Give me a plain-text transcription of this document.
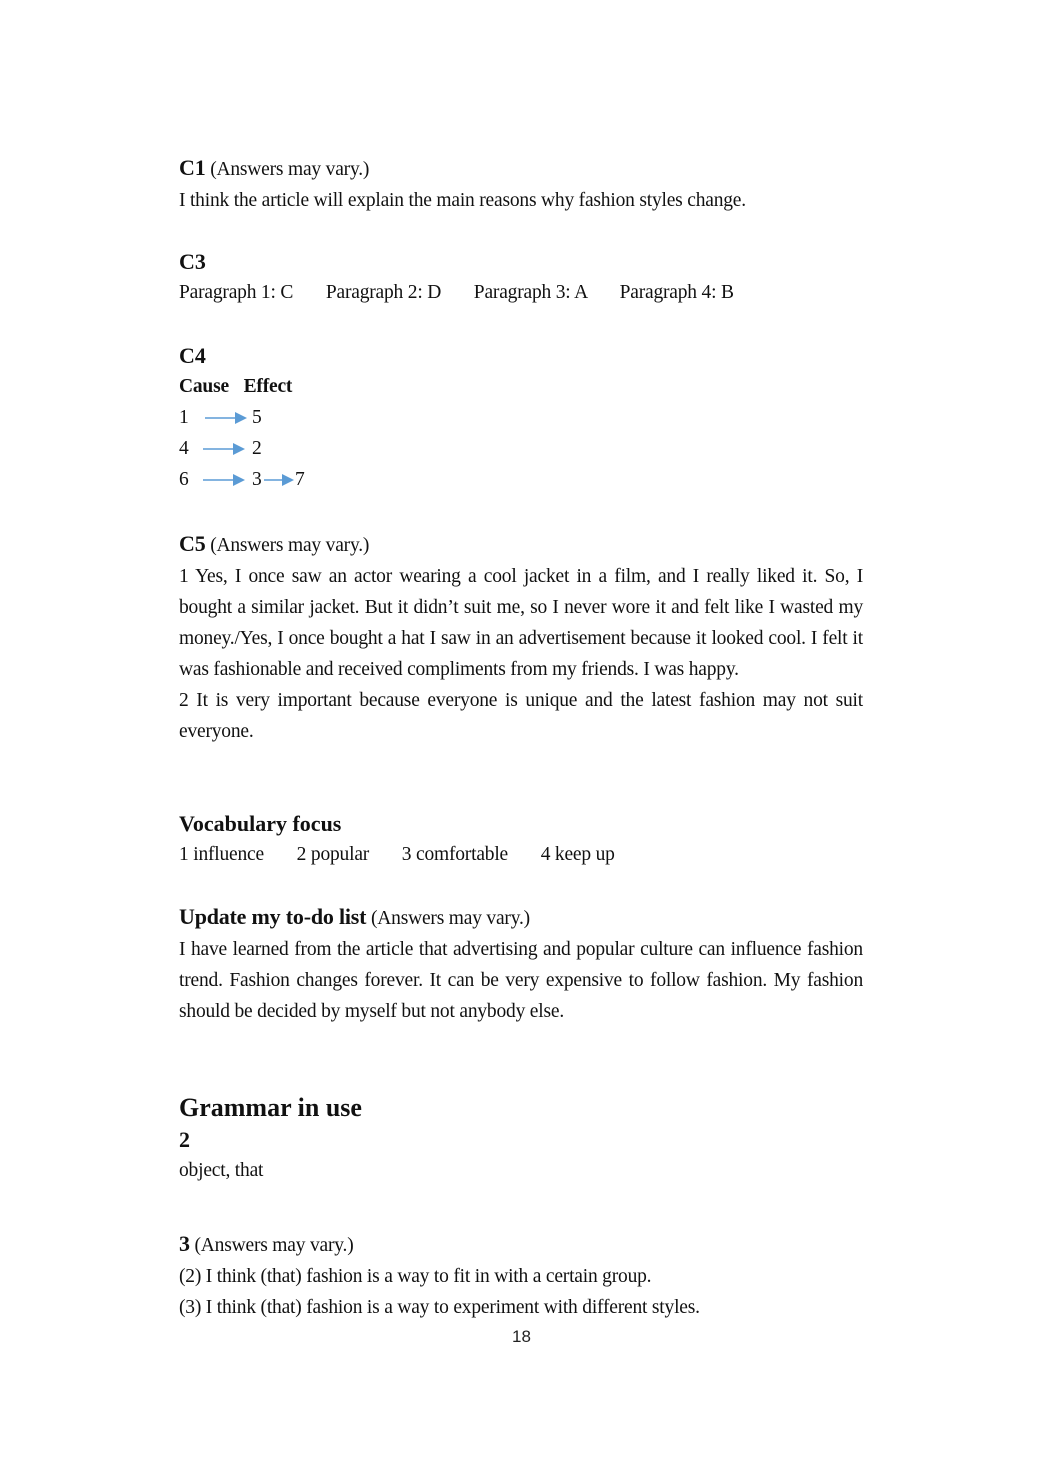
C1 (Answers may vary.)
I think the article will explain the main reasons why fashion styles change.
C3
Paragraph 1: C Paragraph 2: D Paragraph 3: A Paragraph 4: B
C4
Cause Effect
1	5
4	2
6	3 7
C5 (Answers may vary.)
1 Yes, I once saw an actor wearing a cool jacket in a film, and I really liked it. So, I bought a similar jacket. But it didn’t suit me, so I never wore it and felt like I wasted my money./Yes, I once bought a hat I saw in an advertisement because it looked cool. I felt it was fashionable and received compliments from my friends. I was happy.
2 It is very important because everyone is unique and the latest fashion may not suit everyone.
Vocabulary focus
1 influence 2 popular 3 comfortable 4 keep up
Update my to-do list (Answers may vary.)
I have learned from the article that advertising and popular culture can influence fashion trend. Fashion changes forever. It can be very expensive to follow fashion. My fashion should be decided by myself but not anybody else.
Grammar in use
2
object, that
3 (Answers may vary.)
(2) I think (that) fashion is a way to fit in with a certain group.
(3) I think (that) fashion is a way to experiment with different styles.
18
